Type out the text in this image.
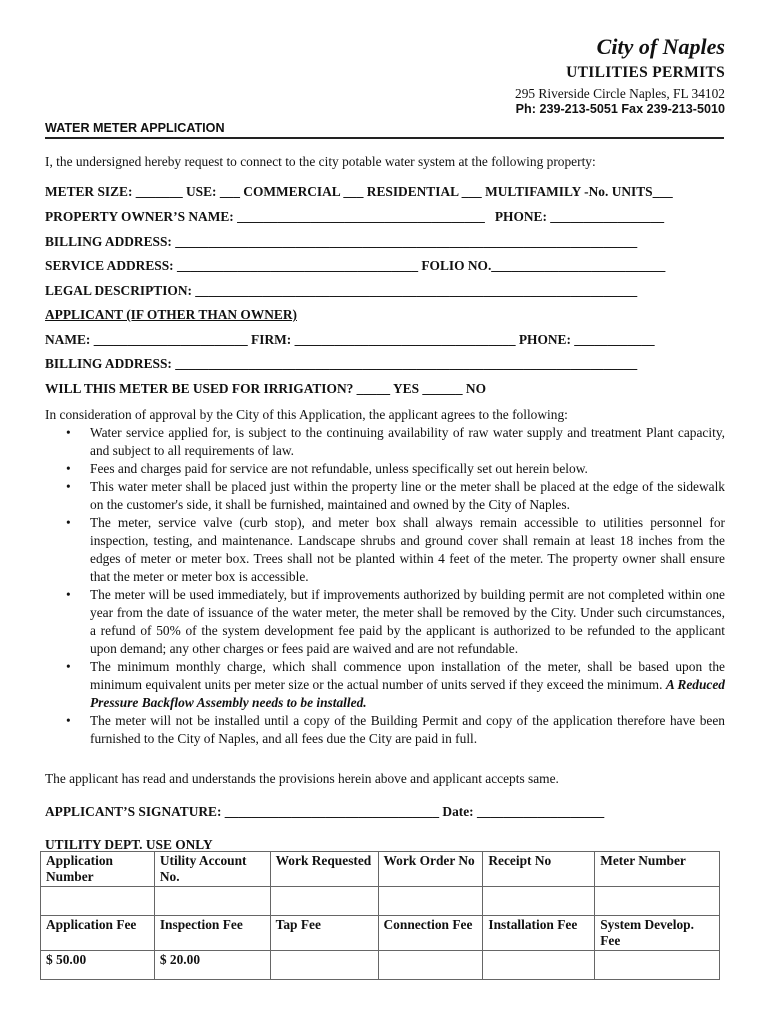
City of Naples
UTILITIES PERMITS
295 Riverside Circle Naples, FL 34102
Ph: 239-213-5051 Fax 239-213-5010
WATER METER APPLICATION
I, the undersigned hereby request to connect to the city potable water system at the following property:
METER SIZE: _______ USE: ___ COMMERCIAL ___ RESIDENTIAL ___ MULTIFAMILY -No. UNITS___
PROPERTY OWNER’S NAME: _____________________________________   PHONE: _________________
BILLING ADDRESS: _____________________________________________________________________
SERVICE ADDRESS: ____________________________________ FOLIO NO.__________________________
LEGAL DESCRIPTION: __________________________________________________________________
APPLICANT (IF OTHER THAN OWNER)
NAME: _______________________ FIRM: _________________________________ PHONE: ____________
BILLING ADDRESS: _____________________________________________________________________
WILL THIS METER BE USED FOR IRRIGATION? _____ YES ______ NO
In consideration of approval by the City of this Application, the applicant agrees to the following:
• Water service applied for, is subject to the continuing availability of raw water supply and treatment Plant capacity, and subject to all requirements of law.
• Fees and charges paid for service are not refundable, unless specifically set out herein below.
• This water meter shall be placed just within the property line or the meter shall be placed at the edge of the sidewalk on the customer's side, it shall be furnished, maintained and owned by the City of Naples.
• The meter, service valve (curb stop), and meter box shall always remain accessible to utilities personnel for inspection, testing, and maintenance. Landscape shrubs and ground cover shall remain at least 18 inches from the edges of meter or meter box. Trees shall not be planted within 4 feet of the meter. The property owner shall ensure that the meter or meter box is accessible.
• The meter will be used immediately, but if improvements authorized by building permit are not completed within one year from the date of issuance of the water meter, the meter shall be removed by the City. Under such circumstances, a refund of 50% of the system development fee paid by the applicant is authorized to be refunded to the applicant upon demand; any other charges or fees paid are waived and are not refundable.
• The minimum monthly charge, which shall commence upon installation of the meter, shall be based upon the minimum equivalent units per meter size or the actual number of units served if they exceed the minimum. A Reduced Pressure Backflow Assembly needs to be installed.
• The meter will not be installed until a copy of the Building Permit and copy of the application therefore have been furnished to the City of Naples, and all fees due the City are paid in full.
The applicant has read and understands the provisions herein above and applicant accepts same.
APPLICANT’S SIGNATURE: ________________________________ Date: ___________________
UTILITY DEPT. USE ONLY
Application Number	Utility Account No.	Work Requested	Work Order No	Receipt No	Meter Number

Application Fee	Inspection Fee	Tap Fee	Connection Fee	Installation Fee	System Develop. Fee
$ 50.00	$ 20.00				
